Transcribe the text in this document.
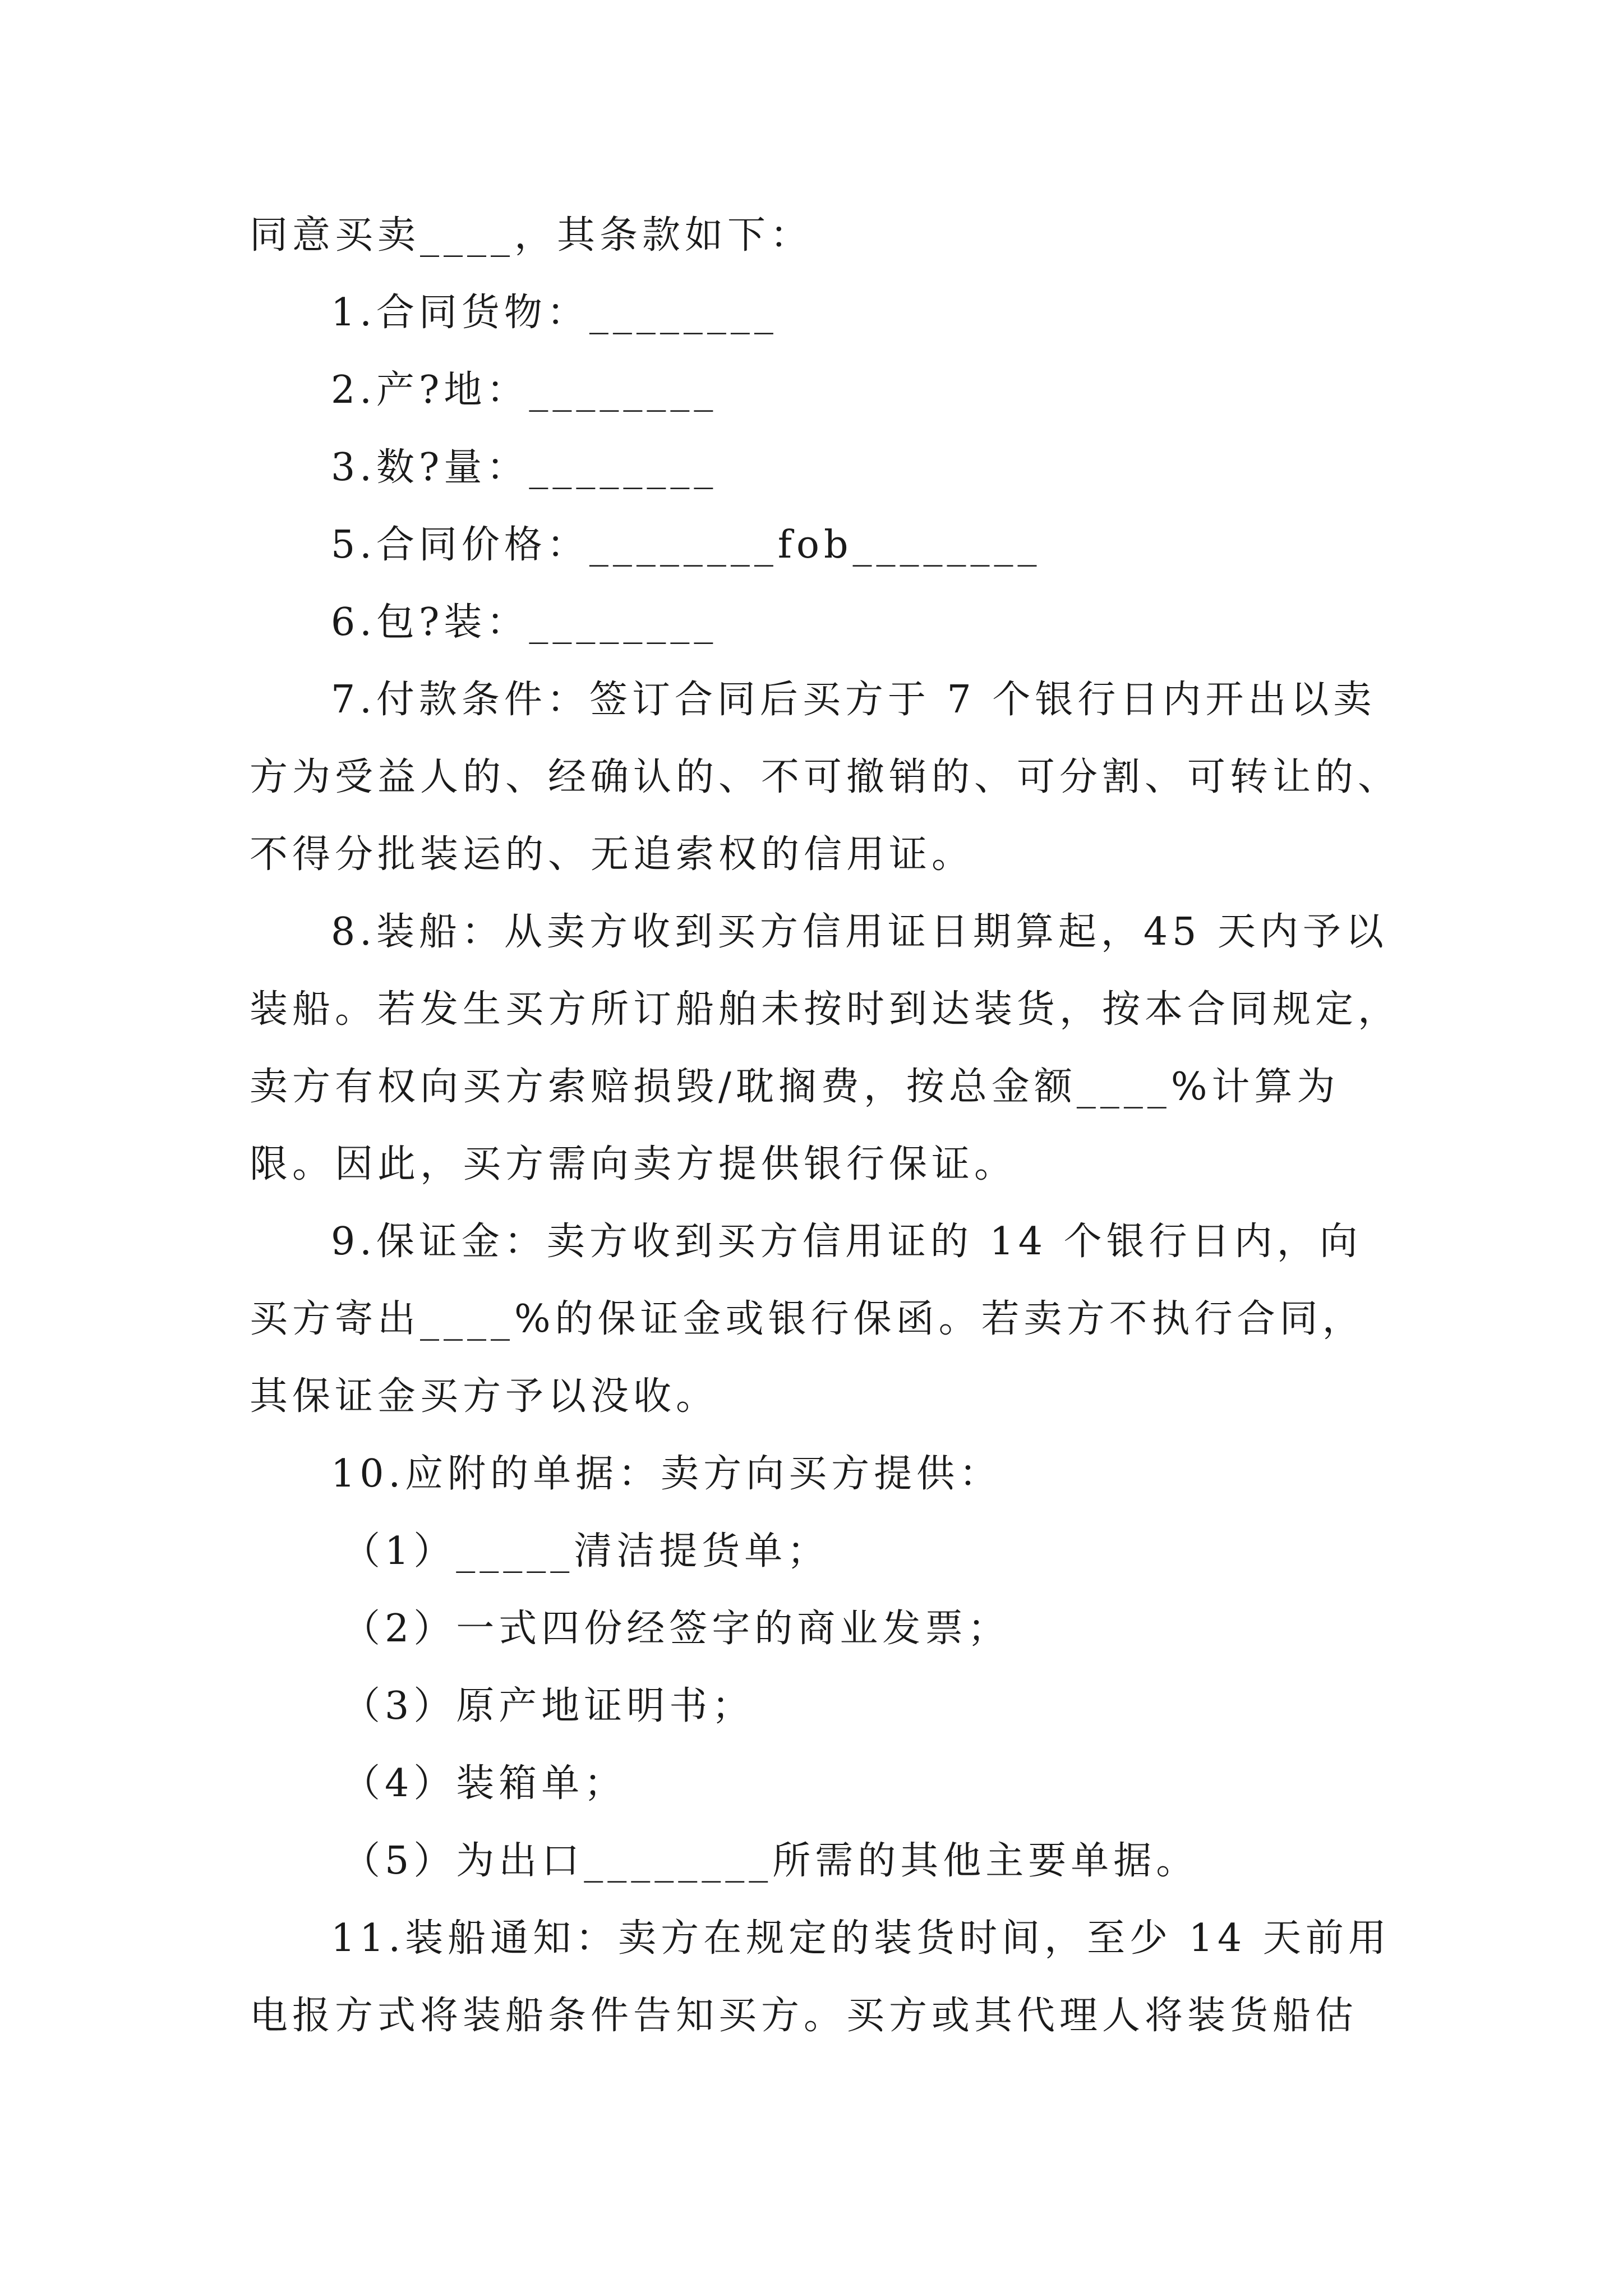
同意买卖____，其条款如下：

1.合同货物：________

2.产?地：________

3.数?量：________

5.合同价格：________fob________

6.包?装：________

7.付款条件：签订合同后买方于 7 个银行日内开出以卖

方为受益人的、经确认的、不可撤销的、可分割、可转让的、

不得分批装运的、无追索权的信用证。

8.装船：从卖方收到买方信用证日期算起，45 天内予以

装船。若发生买方所订船舶未按时到达装货，按本合同规定，

卖方有权向买方索赔损毁/耽搁费，按总金额____%计算为

限。因此，买方需向卖方提供银行保证。

9.保证金：卖方收到买方信用证的 14 个银行日内，向

买方寄出____%的保证金或银行保函。若卖方不执行合同，

其保证金买方予以没收。

10.应附的单据：卖方向买方提供：

（1）_____清洁提货单；

（2）一式四份经签字的商业发票；

（3）原产地证明书；

（4）装箱单；

（5）为出口________所需的其他主要单据。

11.装船通知：卖方在规定的装货时间，至少 14 天前用

电报方式将装船条件告知买方。买方或其代理人将装货船估
